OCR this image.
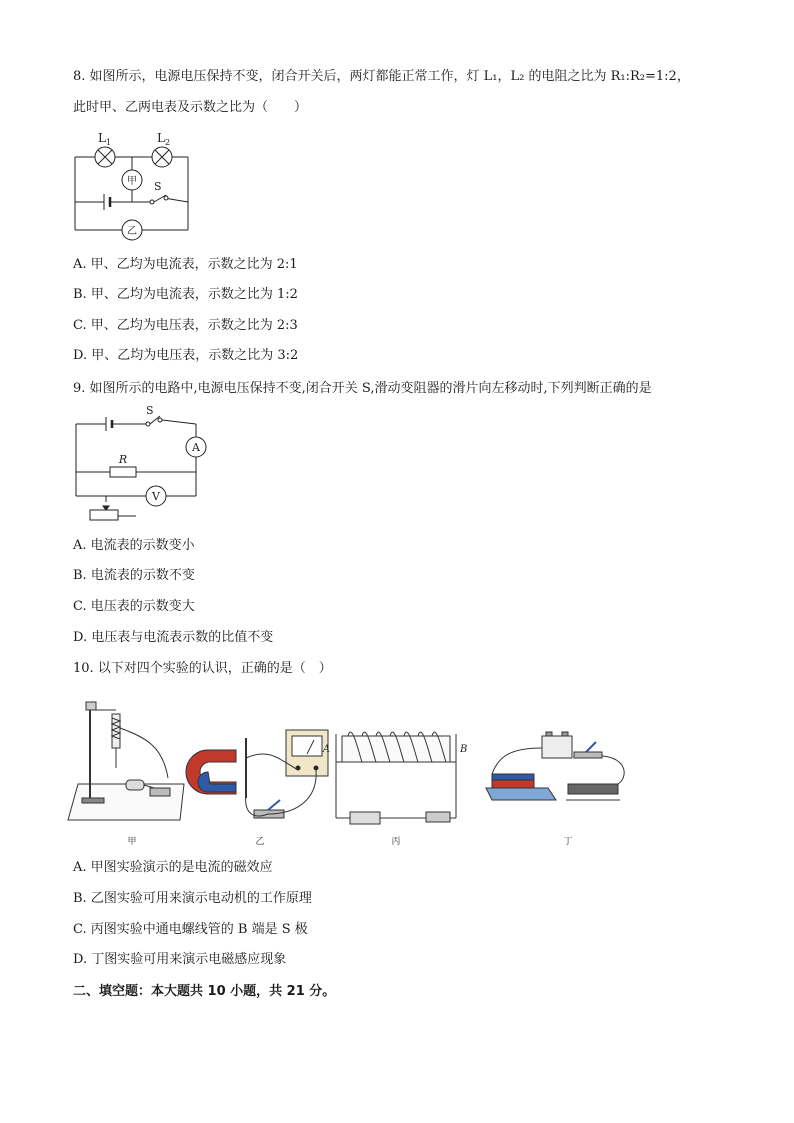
8. 如图所示，电源电压保持不变，闭合开关后，两灯都能正常工作，灯 L₁，L₂ 的电阻之比为 R₁:R₂=1:2，
此时甲、乙两电表及示数之比为（　　）
$L_1$	$L_2$
甲
乙
S
A. 甲、乙均为电流表，示数之比为 2:1
B. 甲、乙均为电流表，示数之比为 1:2
C. 甲、乙均为电压表，示数之比为 2:3
D. 甲、乙均为电压表，示数之比为 3:2
9. 如图所示的电路中,电源电压保持不变,闭合开关 S,滑动变阻器的滑片向左移动时,下列判断正确的是
S
A
R
V
A. 电流表的示数变小
B. 电流表的示数不变
C. 电压表的示数变大
D. 电压表与电流表示数的比值不变
10. 以下对四个实验的认识，正确的是（　）
甲	乙
A	B
丙	丁
A. 甲图实验演示的是电流的磁效应
B. 乙图实验可用来演示电动机的工作原理
C. 丙图实验中通电螺线管的 B 端是 S 极
D. 丁图实验可用来演示电磁感应现象
二、填空题：本大题共 10 小题，共 21 分。
